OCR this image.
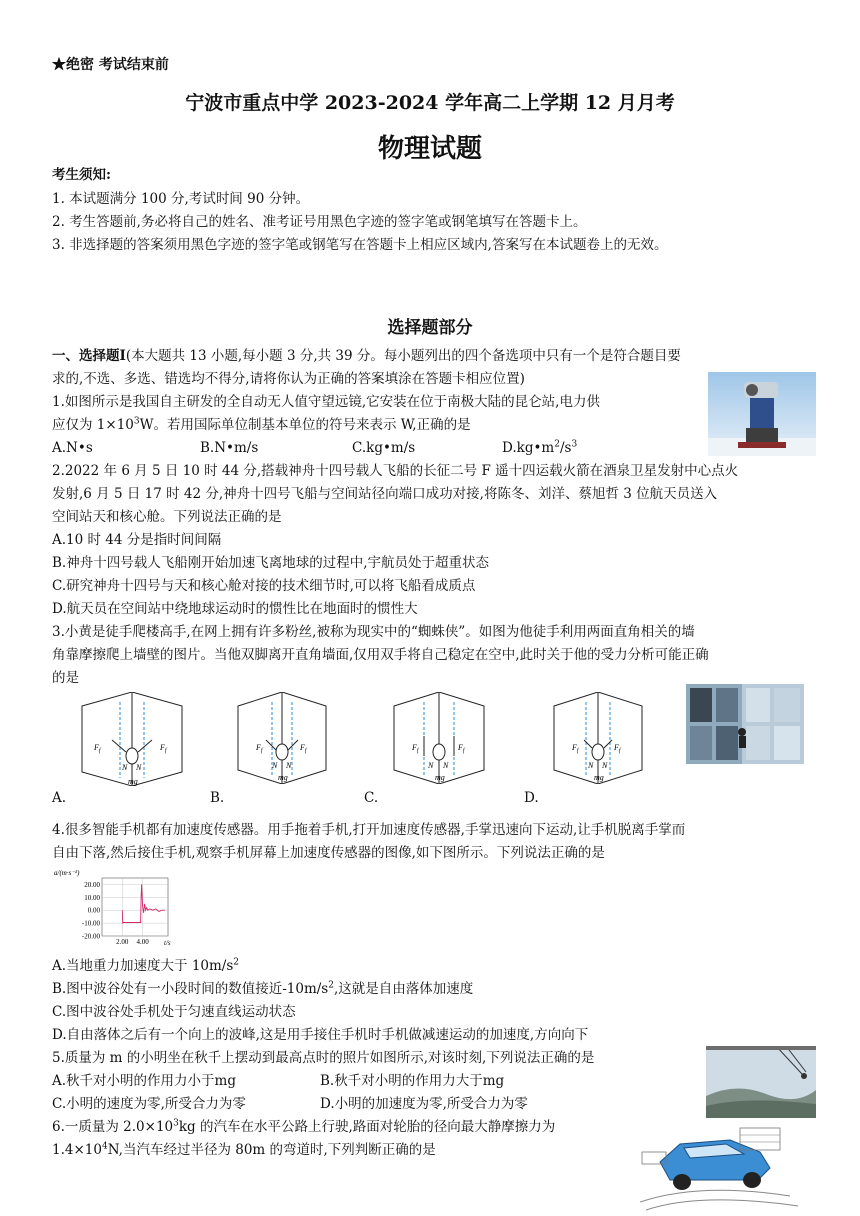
★绝密 考试结束前
宁波市重点中学 2023-2024 学年高二上学期 12 月月考
物理试题
考生须知:
1. 本试题满分 100 分,考试时间 90 分钟。
2. 考生答题前,务必将自己的姓名、准考证号用黑色字迹的签字笔或钢笔填写在答题卡上。
3. 非选择题的答案须用黑色字迹的签字笔或钢笔写在答题卡上相应区域内,答案写在本试题卷上的无效。
选择题部分
一、选择题Ⅰ(本大题共 13 小题,每小题 3 分,共 39 分。每小题列出的四个备选项中只有一个是符合题目要
求的,不选、多选、错选均不得分,请将你认为正确的答案填涂在答题卡相应位置)
1.如图所示是我国自主研发的全自动无人值守望远镜,它安装在位于南极大陆的昆仑站,电力供
应仅为 $1\times 10^3W$。若用国际单位制基本单位的符号来表示 W,正确的是
A.N•s	B.N•m/s	C.kg•m/s	$D.kg•m^2/s^3$
2.2022 年 6 月 5 日 10 时 44 分,搭载神舟十四号载人飞船的长征二号 F 遥十四运载火箭在酒泉卫星发射中心点火
发射,6 月 5 日 17 时 42 分,神舟十四号飞船与空间站径向端口成功对接,将陈冬、刘洋、蔡旭哲 3 位航天员送入
空间站天和核心舱。下列说法正确的是
A.10 时 44 分是指时间间隔
B.神舟十四号载人飞船刚开始加速飞离地球的过程中,宇航员处于超重状态
C.研究神舟十四号与天和核心舱对接的技术细节时,可以将飞船看成质点
D.航天员在空间站中绕地球运动时的惯性比在地面时的惯性大
3.小黄是徒手爬楼高手,在网上拥有许多粉丝,被称为现实中的“蜘蛛侠”。如图为他徒手利用两面直角相关的墙
角靠摩擦爬上墙壁的图片。当他双脚离开直角墙面,仅用双手将自己稳定在空中,此时关于他的受力分析可能正确
的是
$F_f$	$F_f$
N N
mg
$F_f$	$F_f$
N N
mg
$F_f$	$F_f$
N N
mg
$F_f$	$F_f$
N N
mg
A.	B.	C.	D.
4.很多智能手机都有加速度传感器。用手拖着手机,打开加速度传感器,手掌迅速向下运动,让手机脱离手掌而
自由下落,然后接住手机,观察手机屏幕上加速度传感器的图像,如下图所示。下列说法正确的是
a/(m·s⁻²)
20.00
10.00
0.00
-10.00
-20.00
2.00 4.00 t/s
A.当地重力加速度大于 $10m/s^2$
B.图中波谷处有一小段时间的数值接近$-10m/s^2$,这就是自由落体加速度
C.图中波谷处手机处于匀速直线运动状态
D.自由落体之后有一个向上的波峰,这是用手接住手机时手机做减速运动的加速度,方向向下
5.质量为 m 的小明坐在秋千上摆动到最高点时的照片如图所示,对该时刻,下列说法正确的是
A.秋千对小明的作用力小于mg	B.秋千对小明的作用力大于mg
C.小明的速度为零,所受合力为零	D.小明的加速度为零,所受合力为零
6.一质量为 $2.0\times 10^3kg$ 的汽车在水平公路上行驶,路面对轮胎的径向最大静摩擦力为
$1.4\times 10^4N$,当汽车经过半径为 80m 的弯道时,下列判断正确的是
